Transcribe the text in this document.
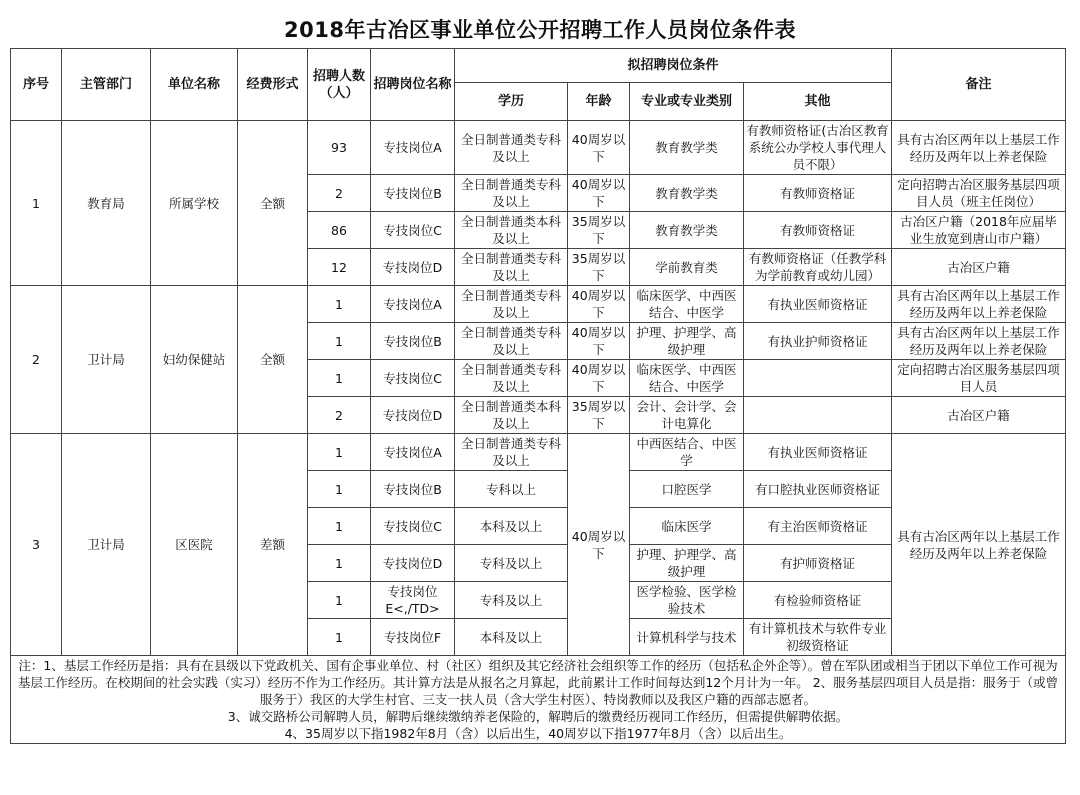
2018年古冶区事业单位公开招聘工作人员岗位条件表
序号	主管部门	单位名称	经费形式	招聘人数（人）	招聘岗位名称	拟招聘岗位条件				备注
						学历	年龄	专业或专业类别	其他	
1	教育局	所属学校	全额	93	专技岗位A	全日制普通类专科及以上	40周岁以下	教育教学类	有教师资格证(古冶区教育系统公办学校人事代理人员不限）	具有古冶区两年以上基层工作经历及两年以上养老保险
				2	专技岗位B	全日制普通类专科及以上	40周岁以下	教育教学类	有教师资格证	定向招聘古冶区服务基层四项目人员（班主任岗位）
				86	专技岗位C	全日制普通类本科及以上	35周岁以下	教育教学类	有教师资格证	古冶区户籍（2018年应届毕业生放宽到唐山市户籍）
				12	专技岗位D	全日制普通类专科及以上	35周岁以下	学前教育类	有教师资格证（任教学科为学前教育或幼儿园）	古冶区户籍
2	卫计局	妇幼保健站	全额	1	专技岗位A	全日制普通类专科及以上	40周岁以下	临床医学、中西医结合、中医学	有执业医师资格证	具有古冶区两年以上基层工作经历及两年以上养老保险
				1	专技岗位B	全日制普通类专科及以上	40周岁以下	护理、护理学、高级护理	有执业护师资格证	具有古冶区两年以上基层工作经历及两年以上养老保险
				1	专技岗位C	全日制普通类专科及以上	40周岁以下	临床医学、中西医结合、中医学		定向招聘古冶区服务基层四项目人员
				2	专技岗位D	全日制普通类本科及以上	35周岁以下	会计、会计学、会计电算化		古冶区户籍
3	卫计局	区医院	差额	1	专技岗位A	全日制普通类专科及以上	40周岁以下	中西医结合、中医学	有执业医师资格证	具有古冶区两年以上基层工作经历及两年以上养老保险
				1	专技岗位B	专科以上		口腔医学	有口腔执业医师资格证	
				1	专技岗位C	本科及以上		临床医学	有主治医师资格证	
				1	专技岗位D	专科及以上		护理、护理学、高级护理	有护师资格证	
				1	专技岗位E<,/TD>	专科及以上		医学检验、医学检验技术	有检验师资格证	
				1	专技岗位F	本科及以上		计算机科学与技术	有计算机技术与软件专业初级资格证	

注：1、基层工作经历是指：具有在县级以下党政机关、国有企事业单位、村（社区）组织及其它经济社会组织等工作的经历（包括私企外企等）。曾在军队团或相当于团以下单位工作可视为基层工作经历。在校期间的社会实践（实习）经历不作为工作经历。其计算方法是从报名之月算起，此前累计工作时间每达到12个月计为一年。 2、服务基层四项目人员是指：服务于（或曾服务于）我区的大学生村官、三支一扶人员（含大学生村医）、特岗教师以及我区户籍的西部志愿者。
3、诚交路桥公司解聘人员，解聘后继续缴纳养老保险的，解聘后的缴费经历视同工作经历，但需提供解聘依据。
4、35周岁以下指1982年8月（含）以后出生，40周岁以下指1977年8月（含）以后出生。										
